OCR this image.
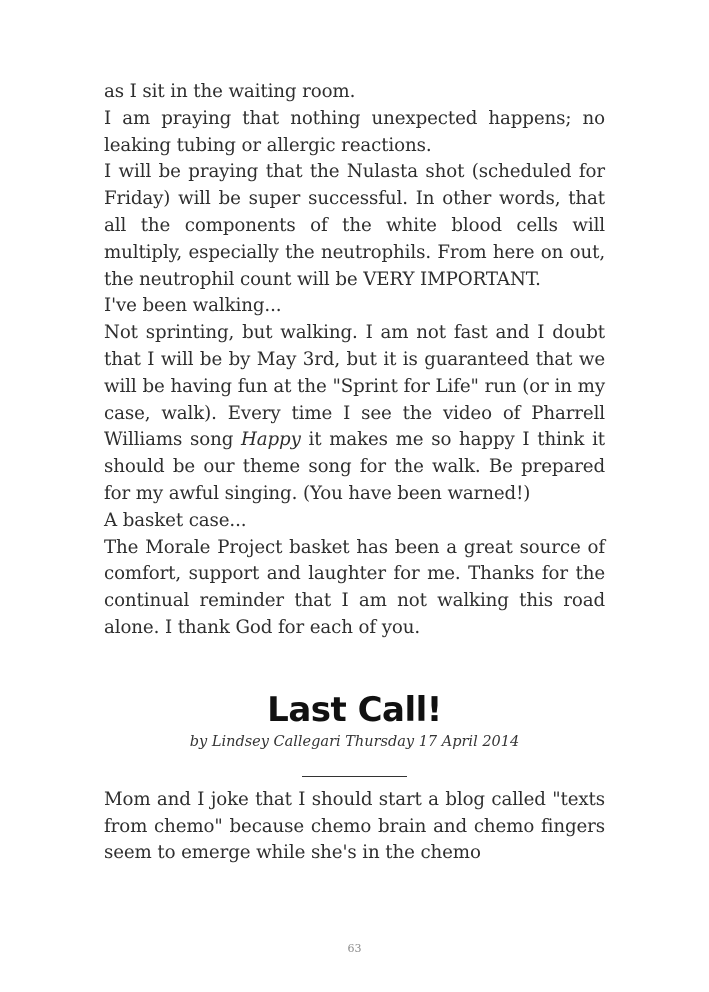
as I sit in the waiting room.

I am praying that nothing unexpected happens; no leaking tubing or allergic reactions.

I will be praying that the Nulasta shot (scheduled for Friday) will be super successful. In other words, that all the components of the white blood cells will multiply, especially the neutrophils. From here on out, the neutrophil count will be VERY IMPORTANT.

I've been walking...

Not sprinting, but walking. I am not fast and I doubt that I will be by May 3rd, but it is guaranteed that we will be having fun at the "Sprint for Life" run (or in my case, walk). Every time I see the video of Pharrell Williams song Happy it makes me so happy I think it should be our theme song for the walk. Be prepared for my awful singing. (You have been warned!)

A basket case...

The Morale Project basket has been a great source of comfort, support and laughter for me. Thanks for the continual reminder that I am not walking this road alone. I thank God for each of you.

Last Call!
by Lindsey Callegari Thursday 17 April 2014

Mom and I joke that I should start a blog called "texts from chemo" because chemo brain and chemo fingers seem to emerge while she's in the chemo

63
